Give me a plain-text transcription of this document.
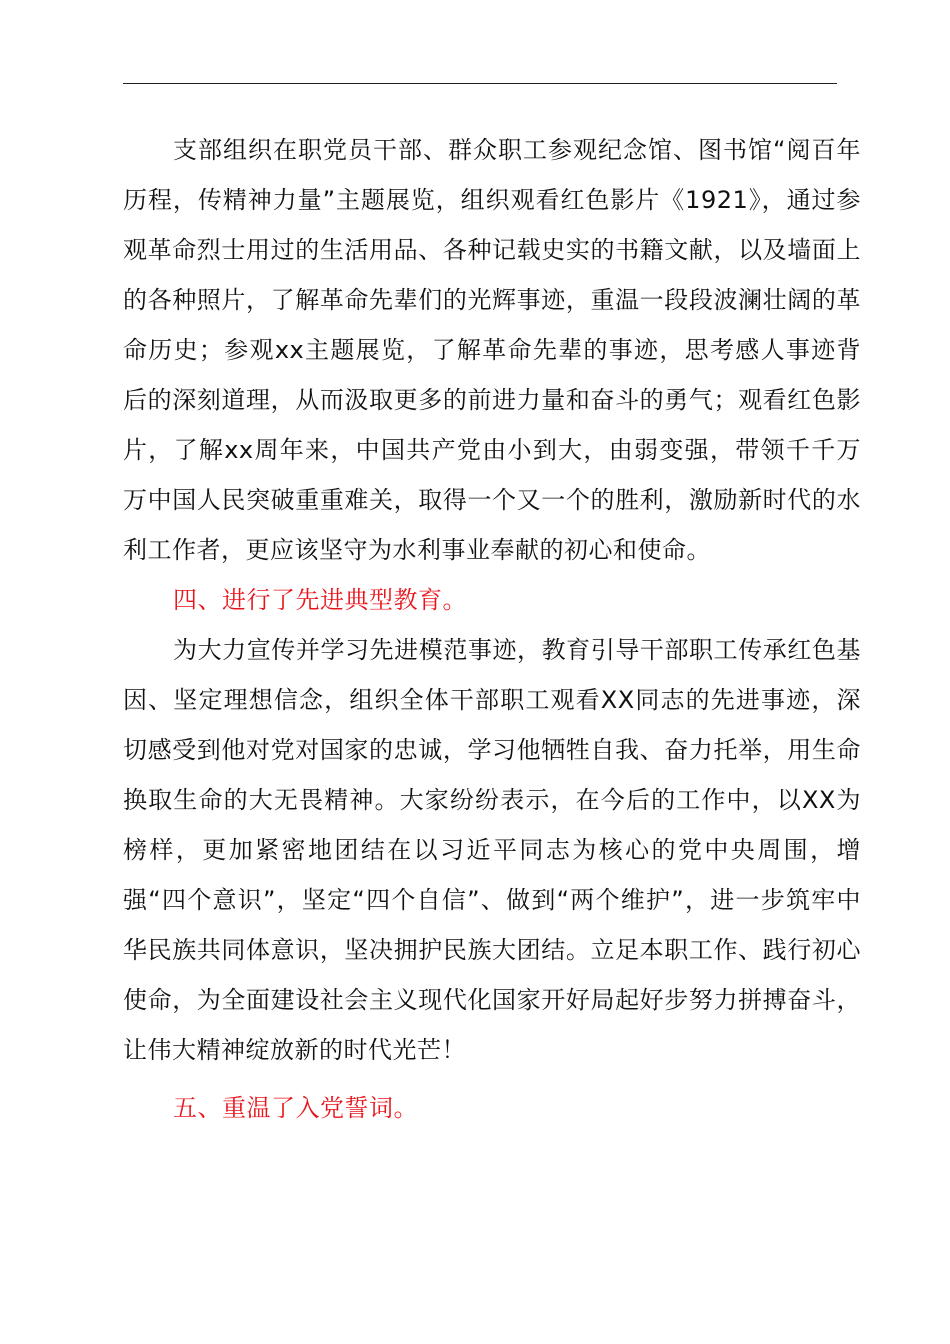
支部组织在职党员干部、群众职工参观纪念馆、图书馆“阅百年历程，传精神力量”主题展览，组织观看红色影片《1921》，通过参观革命烈士用过的生活用品、各种记载史实的书籍文献，以及墙面上的各种照片，了解革命先辈们的光辉事迹，重温一段段波澜壮阔的革命历史；参观xx主题展览，了解革命先辈的事迹，思考感人事迹背后的深刻道理，从而汲取更多的前进力量和奋斗的勇气；观看红色影片，了解xx周年来，中国共产党由小到大，由弱变强，带领千千万万中国人民突破重重难关，取得一个又一个的胜利，激励新时代的水利工作者，更应该坚守为水利事业奉献的初心和使命。

四、进行了先进典型教育。

为大力宣传并学习先进模范事迹，教育引导干部职工传承红色基因、坚定理想信念，组织全体干部职工观看XX同志的先进事迹，深切感受到他对党对国家的忠诚，学习他牺牲自我、奋力托举，用生命换取生命的大无畏精神。大家纷纷表示，在今后的工作中，以XX为榜样，更加紧密地团结在以习近平同志为核心的党中央周围，增强“四个意识”，坚定“四个自信”、做到“两个维护”，进一步筑牢中华民族共同体意识，坚决拥护民族大团结。立足本职工作、践行初心使命，为全面建设社会主义现代化国家开好局起好步努力拼搏奋斗，让伟大精神绽放新的时代光芒！

五、重温了入党誓词。
